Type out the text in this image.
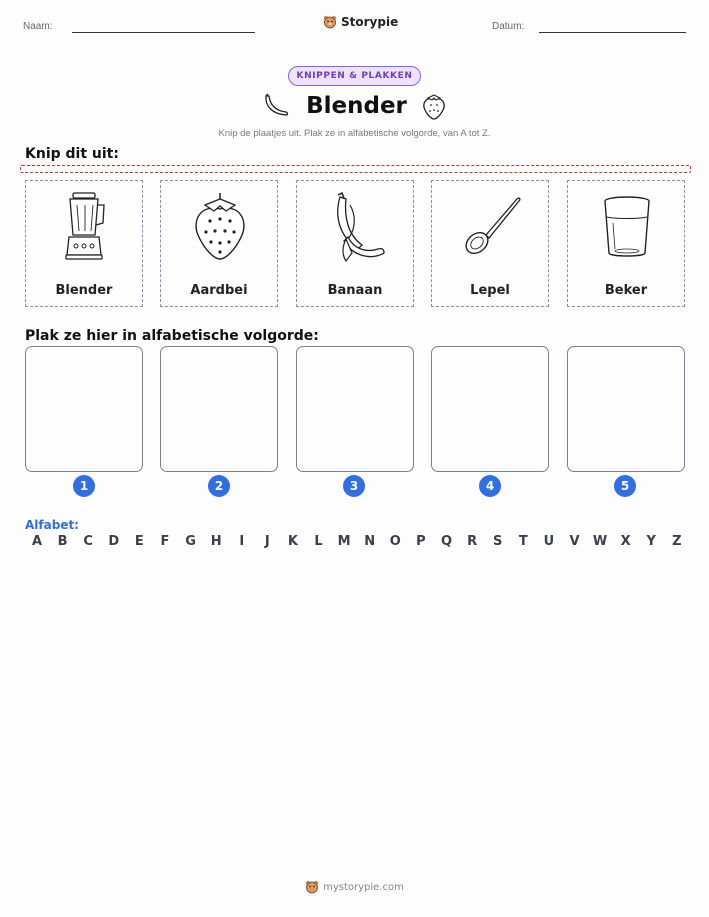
Naam:	Storypie	Datum:
KNIPPEN & PLAKKEN
Blender
Knip de plaatjes uit. Plak ze in alfabetische volgorde, van A tot Z.
Knip dit uit:
Blender	Aardbei	Banaan	Lepel	Beker
Plak ze hier in alfabetische volgorde:
1	2	3	4	5
Alfabet:
A	B	C	D	E	F	G	H	I	J	K	L	M	N	O	P	Q	R	S	T	U	V	W	X	Y	Z
mystorypie.com
